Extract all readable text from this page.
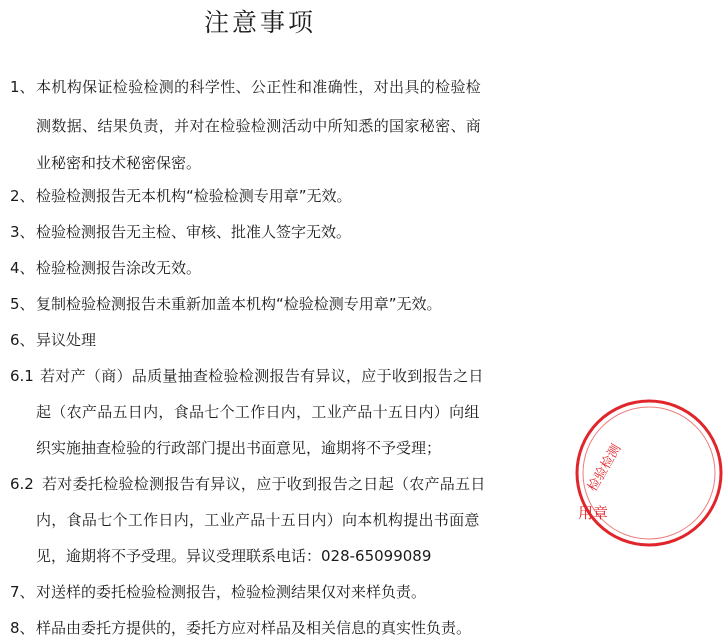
注意事项
1、本机构保证检验检测的科学性、公正性和准确性，对出具的检验检
测数据、结果负责，并对在检验检测活动中所知悉的国家秘密、商
业秘密和技术秘密保密。
2、检验检测报告无本机构“检验检测专用章”无效。
3、检验检测报告无主检、审核、批准人签字无效。
4、检验检测报告涂改无效。
5、复制检验检测报告未重新加盖本机构“检验检测专用章”无效。
6、异议处理
6.1 若对产（商）品质量抽查检验检测报告有异议，应于收到报告之日
起（农产品五日内，食品七个工作日内，工业产品十五日内）向组
织实施抽查检验的行政部门提出书面意见，逾期将不予受理；
6.2 若对委托检验检测报告有异议，应于收到报告之日起（农产品五日
内，食品七个工作日内，工业产品十五日内）向本机构提出书面意
见，逾期将不予受理。异议受理联系电话：028-65099089
7、对送样的委托检验检测报告，检验检测结果仅对来样负责。
8、样品由委托方提供的，委托方应对样品及相关信息的真实性负责。
检验检测
用章
